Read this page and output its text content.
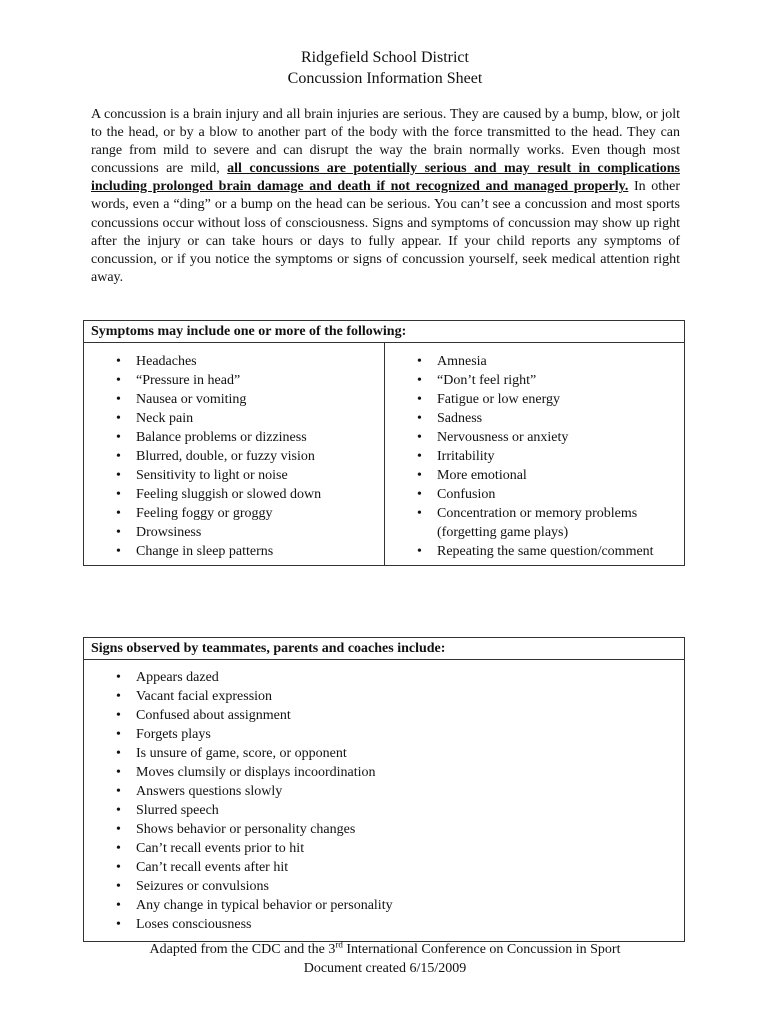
Ridgefield School District
Concussion Information Sheet

A concussion is a brain injury and all brain injuries are serious. They are caused by a bump, blow, or jolt to the head, or by a blow to another part of the body with the force transmitted to the head. They can range from mild to severe and can disrupt the way the brain normally works. Even though most concussions are mild, all concussions are potentially serious and may result in complications including prolonged brain damage and death if not recognized and managed properly. In other words, even a “ding” or a bump on the head can be serious. You can’t see a concussion and most sports concussions occur without loss of consciousness. Signs and symptoms of concussion may show up right after the injury or can take hours or days to fully appear. If your child reports any symptoms of concussion, or if you notice the symptoms or signs of concussion yourself, seek medical attention right away.

Symptoms may include one or more of the following:
• Headaches
• “Pressure in head”
• Nausea or vomiting
• Neck pain
• Balance problems or dizziness
• Blurred, double, or fuzzy vision
• Sensitivity to light or noise
• Feeling sluggish or slowed down
• Feeling foggy or groggy
• Drowsiness
• Change in sleep patterns
• Amnesia
• “Don’t feel right”
• Fatigue or low energy
• Sadness
• Nervousness or anxiety
• Irritability
• More emotional
• Confusion
• Concentration or memory problems (forgetting game plays)
• Repeating the same question/comment
Signs observed by teammates, parents and coaches include:
• Appears dazed
• Vacant facial expression
• Confused about assignment
• Forgets plays
• Is unsure of game, score, or opponent
• Moves clumsily or displays incoordination
• Answers questions slowly
• Slurred speech
• Shows behavior or personality changes
• Can’t recall events prior to hit
• Can’t recall events after hit
• Seizures or convulsions
• Any change in typical behavior or personality
• Loses consciousness
Adapted from the CDC and the 3rd International Conference on Concussion in Sport
Document created 6/15/2009
